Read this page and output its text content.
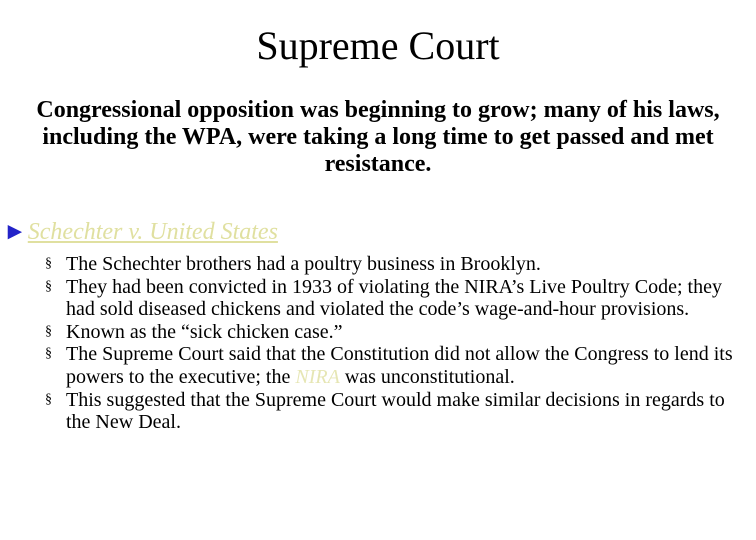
Supreme Court
Congressional opposition was beginning to grow; many of his laws, including the WPA, were taking a long time to get passed and met resistance.
►Schechter v. United States
§ The Schechter brothers had a poultry business in Brooklyn.
§ They had been convicted in 1933 of violating the NIRA’s Live Poultry Code; they had sold diseased chickens and violated the code’s wage-and-hour provisions.
§ Known as the “sick chicken case.”
§ The Supreme Court said that the Constitution did not allow the Congress to lend its powers to the executive; the NIRA was unconstitutional.
§ This suggested that the Supreme Court would make similar decisions in regards to the New Deal.
